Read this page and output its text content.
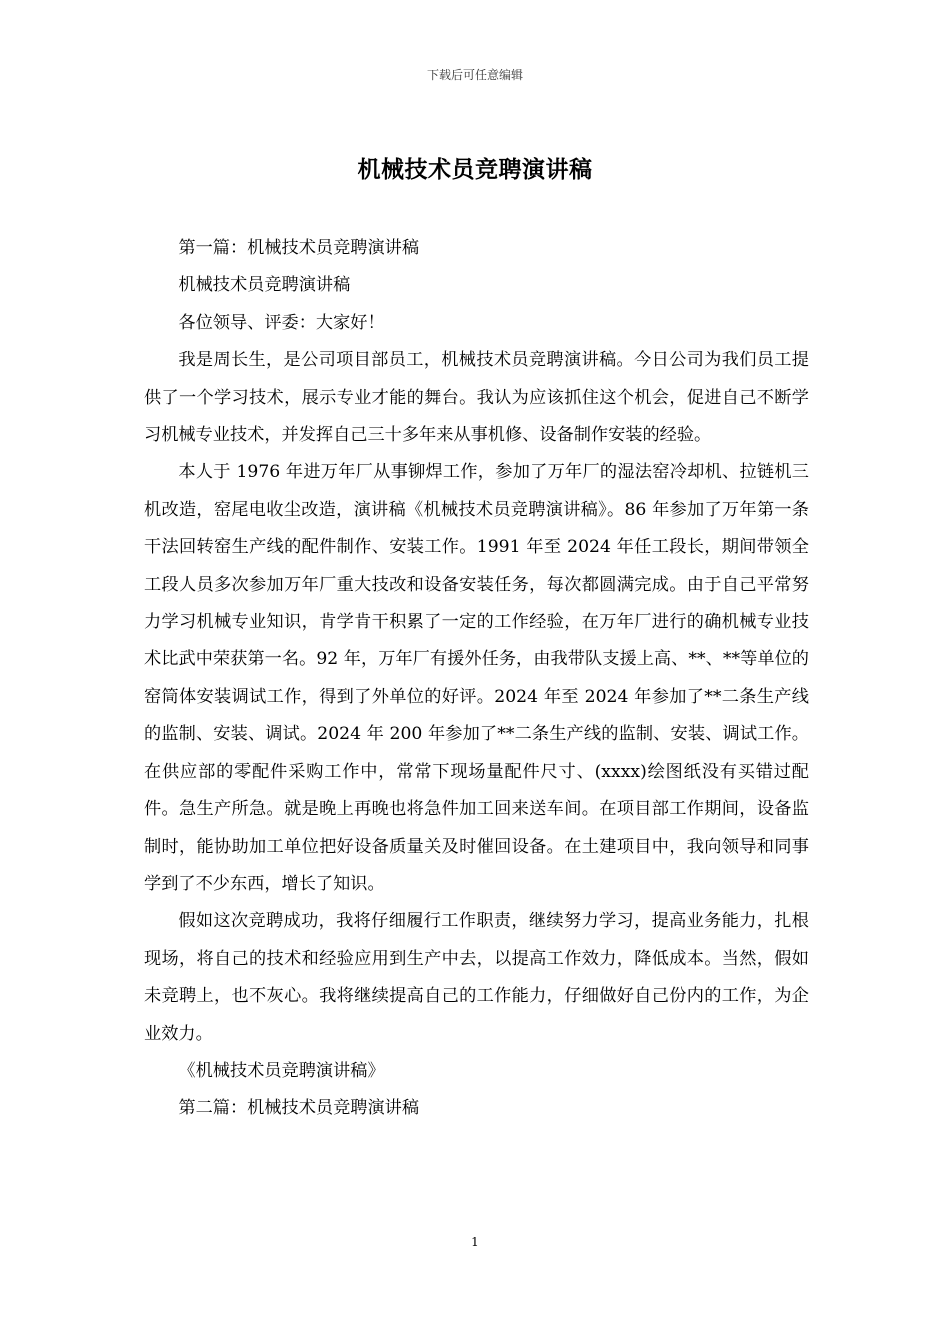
下载后可任意编辑
机械技术员竞聘演讲稿

第一篇：机械技术员竞聘演讲稿

机械技术员竞聘演讲稿

各位领导、评委：大家好！

我是周长生，是公司项目部员工，机械技术员竞聘演讲稿。今日公司为我们员工提供了一个学习技术，展示专业才能的舞台。我认为应该抓住这个机会，促进自己不断学习机械专业技术，并发挥自己三十多年来从事机修、设备制作安装的经验。

本人于 1976 年进万年厂从事铆焊工作，参加了万年厂的湿法窑冷却机、拉链机三机改造，窑尾电收尘改造，演讲稿《机械技术员竞聘演讲稿》。86 年参加了万年第一条干法回转窑生产线的配件制作、安装工作。1991 年至 2024 年任工段长，期间带领全工段人员多次参加万年厂重大技改和设备安装任务，每次都圆满完成。由于自己平常努力学习机械专业知识，肯学肯干积累了一定的工作经验，在万年厂进行的确机械专业技术比武中荣获第一名。92 年，万年厂有援外任务，由我带队支援上高、**、**等单位的窑筒体安装调试工作，得到了外单位的好评。2024 年至 2024 年参加了**二条生产线的监制、安装、调试。2024 年 200 年参加了**二条生产线的监制、安装、调试工作。在供应部的零配件采购工作中，常常下现场量配件尺寸、(xxxx)绘图纸没有买错过配件。急生产所急。就是晚上再晚也将急件加工回来送车间。在项目部工作期间，设备监制时，能协助加工单位把好设备质量关及时催回设备。在土建项目中，我向领导和同事学到了不少东西，增长了知识。

假如这次竞聘成功，我将仔细履行工作职责，继续努力学习，提高业务能力，扎根现场，将自己的技术和经验应用到生产中去，以提高工作效力，降低成本。当然，假如未竞聘上，也不灰心。我将继续提高自己的工作能力，仔细做好自己份内的工作，为企业效力。

《机械技术员竞聘演讲稿》

第二篇：机械技术员竞聘演讲稿

1
